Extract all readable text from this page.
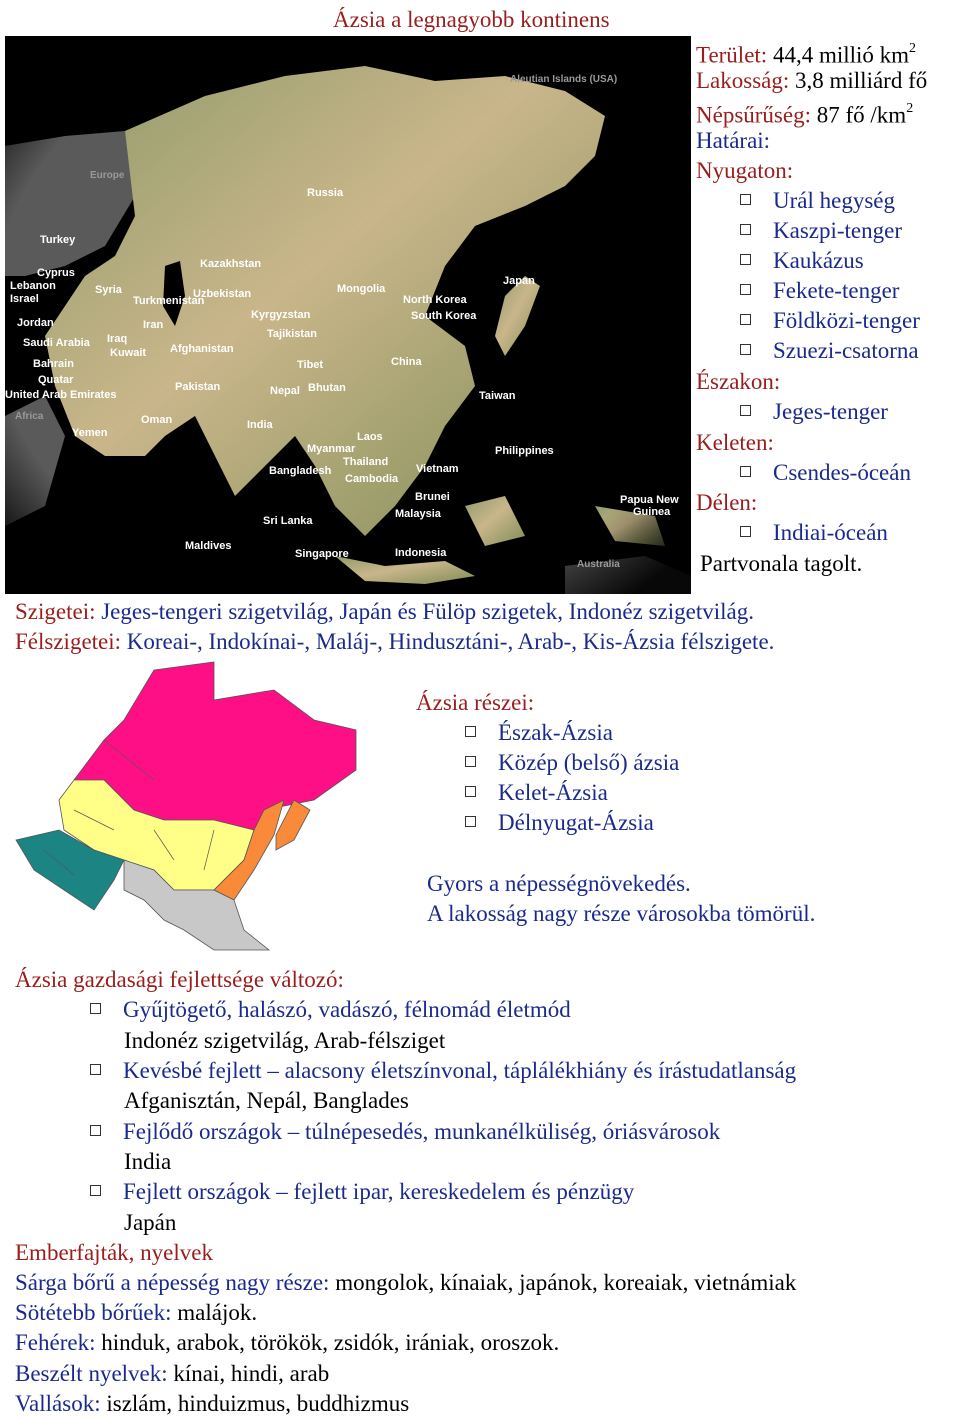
Ázsia a legnagyobb kontinens
Aleutian Islands (USA)
Europe
Russia
Turkey
Kazakhstan
Cyprus
Lebanon	Syria
Israel	Turkmenistan
Uzbekistan	Mongolia
North Korea
South Korea
Japan
Jordan
Iraq
Iran
Kyrgyzstan
Tajikistan
Saudi Arabia
Kuwait Afghanistan
China
Bahrain	Tibet
Quatar
Pakistan	Nepal Bhutan
United Arab Emirates	Taiwan
Africa	Oman	India
Laos
Yemen
Myanmar	Philippines
Thailand
Bangladesh
Cambodia
Vietnam
Brunei	Papua New
Guinea
Sri Lanka
Malaysia
Maldives
Singapore	Indonesia
Australia
Terület: 44,4 millió $km^2$
Lakosság: 3,8 milliárd fő
Népsűrűség: 87 fő $/km^2$
Határai:
Nyugaton:
Urál hegység
Kaszpi-tenger
Kaukázus
Fekete-tenger
Földközi-tenger
Szuezi-csatorna
Északon:
Jeges-tenger
Keleten:
Csendes-óceán
Délen:
Indiai-óceán
Partvonala tagolt.
Szigetei: Jeges-tengeri szigetvilág, Japán és Fülöp szigetek, Indonéz szigetvilág.
Félszigetei: Koreai-, Indokínai-, Maláj-, Hindusztáni-, Arab-, Kis-Ázsia félszigete.
Ázsia részei:
Észak-Ázsia
Közép (belső) ázsia
Kelet-Ázsia
Délnyugat-Ázsia
Gyors a népességnövekedés.
A lakosság nagy része városokba tömörül.
Ázsia gazdasági fejlettsége változó:
Gyűjtögető, halászó, vadászó, félnomád életmód
Indonéz szigetvilág, Arab-félsziget
Kevésbé fejlett – alacsony életszínvonal, táplálékhiány és írástudatlanság
Afganisztán, Nepál, Banglades
Fejlődő országok – túlnépesedés, munkanélküliség, óriásvárosok
India
Fejlett országok – fejlett ipar, kereskedelem és pénzügy
Japán
Emberfajták, nyelvek
Sárga bőrű a népesség nagy része: mongolok, kínaiak, japánok, koreaiak, vietnámiak
Sötétebb bőrűek: malájok.
Fehérek: hinduk, arabok, törökök, zsidók, irániak, oroszok.
Beszélt nyelvek: kínai, hindi, arab
Vallások: iszlám, hinduizmus, buddhizmus
